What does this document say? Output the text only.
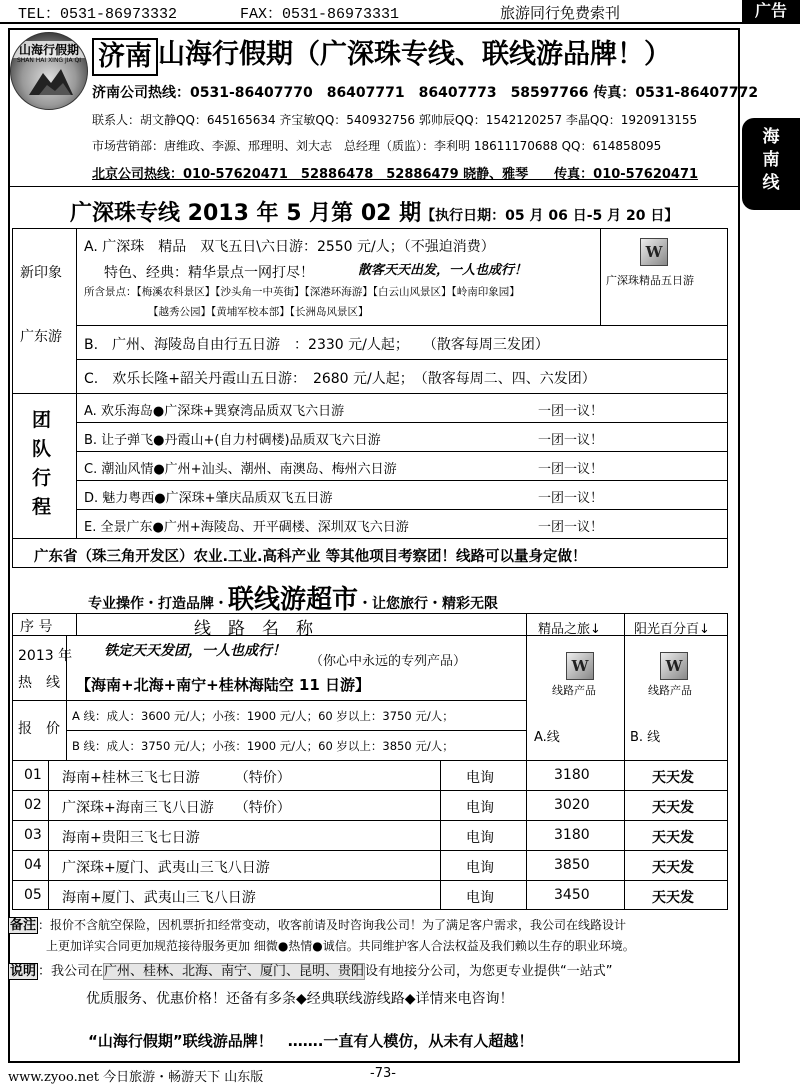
TEL：0531-86973332	FAX：0531-86973331	旅游同行免费索刊	广告
海南线
山海行假期
SHAN HAI XING JIA QI 济南 山海行假期（广深珠专线、联线游品牌！）
济南公司热线：0531-86407770　86407771　86407773　58597766 传真：0531-86407772
联系人：胡文静QQ：645165634 齐宝敏QQ：540932756 郭帅辰QQ：1542120257 李晶QQ：1920913155
市场营销部：唐维政、李源、邢理明、刘大志　总经理（质监）：李利明 18611170688 QQ：614858095
北京公司热线：010-57620471　52886478　52886479 晓静、雅琴　　传真：010-57620471
广深珠专线 2013 年 5 月第 02 期【执行日期：05 月 06 日-5 月 20 日】
新印象
广东游
A. 广深珠　精品　双飞五日\六日游：2550 元/人；（不强迫消费）
特色、经典：精华景点一网打尽！	散客天天出发，一人也成行！
所含景点：【梅溪农科景区】【沙头角一中英街】【深港环海游】【白云山风景区】【岭南印象园】
【越秀公园】【黄埔军校本部】【长洲岛风景区】
W
广深珠精品五日游
B.　广州、海陵岛自由行五日游　：2330 元/人起；　　（散客每周三发团）
C.　欢乐长隆+韶关丹霞山五日游：　2680 元/人起；　（散客每周二、四、六发团）
团
队
行
程
A. 欢乐海岛●广深珠+巽寮湾品质双飞六日游	一团一议！
B. 让子弹飞●丹霞山+(自力村碉楼)品质双飞六日游	一团一议！
C. 潮汕风情●广州+汕头、潮州、南澳岛、梅州六日游	一团一议！
D. 魅力粤西●广深珠+肇庆品质双飞五日游	一团一议！
E. 全景广东●广州+海陵岛、开平碉楼、深圳双飞六日游	一团一议！
广东省（珠三角开发区）农业.工业.高科产业 等其他项目考察团！线路可以量身定做！
专业操作・打造品牌・联线游超市・让您旅行・精彩无限
序 号	线　路　名　称	精品之旅↓	阳光百分百↓
2013 年
热　线
铁定天天发团，一人也成行！
（你心中永远的专列产品）
【海南+北海+南宁+桂林海陆空 11 日游】
报　价
A 线：成人：3600 元/人；小孩：1900 元/人；60 岁以上：3750 元/人；
B 线：成人：3750 元/人；小孩：1900 元/人；60 岁以上：3850 元/人；
W
线路产品
A.线
W
线路产品
B. 线
01 海南+桂林三飞七日游　　　（特价）	电询	3180	天天发
02 广深珠+海南三飞八日游　　（特价）	电询	3020	天天发
03 海南+贵阳三飞七日游	电询	3180	天天发
04 广深珠+厦门、武夷山三飞八日游	电询	3850	天天发
05 海南+厦门、武夷山三飞八日游	电询	3450	天天发
备注 ：报价不含航空保险，因机票折扣经常变动，收客前请及时咨询我公司！为了满足客户需求，我公司在线路设计
上更加详实合同更加规范接待服务更加 细微●热情●诚信。共同维护客人合法权益及我们赖以生存的职业环境。
说明 ：我公司在广州、桂林、北海、南宁、厦门、昆明、贵阳设有地接分公司，为您更专业提供“一站式”
优质服务、优惠价格！还备有多条◆经典联线游线路◆详情来电咨询！
“山海行假期”联线游品牌！　…….一直有人模仿，从未有人超越！
www.zyoo.net 今日旅游・畅游天下 山东版	-73-
